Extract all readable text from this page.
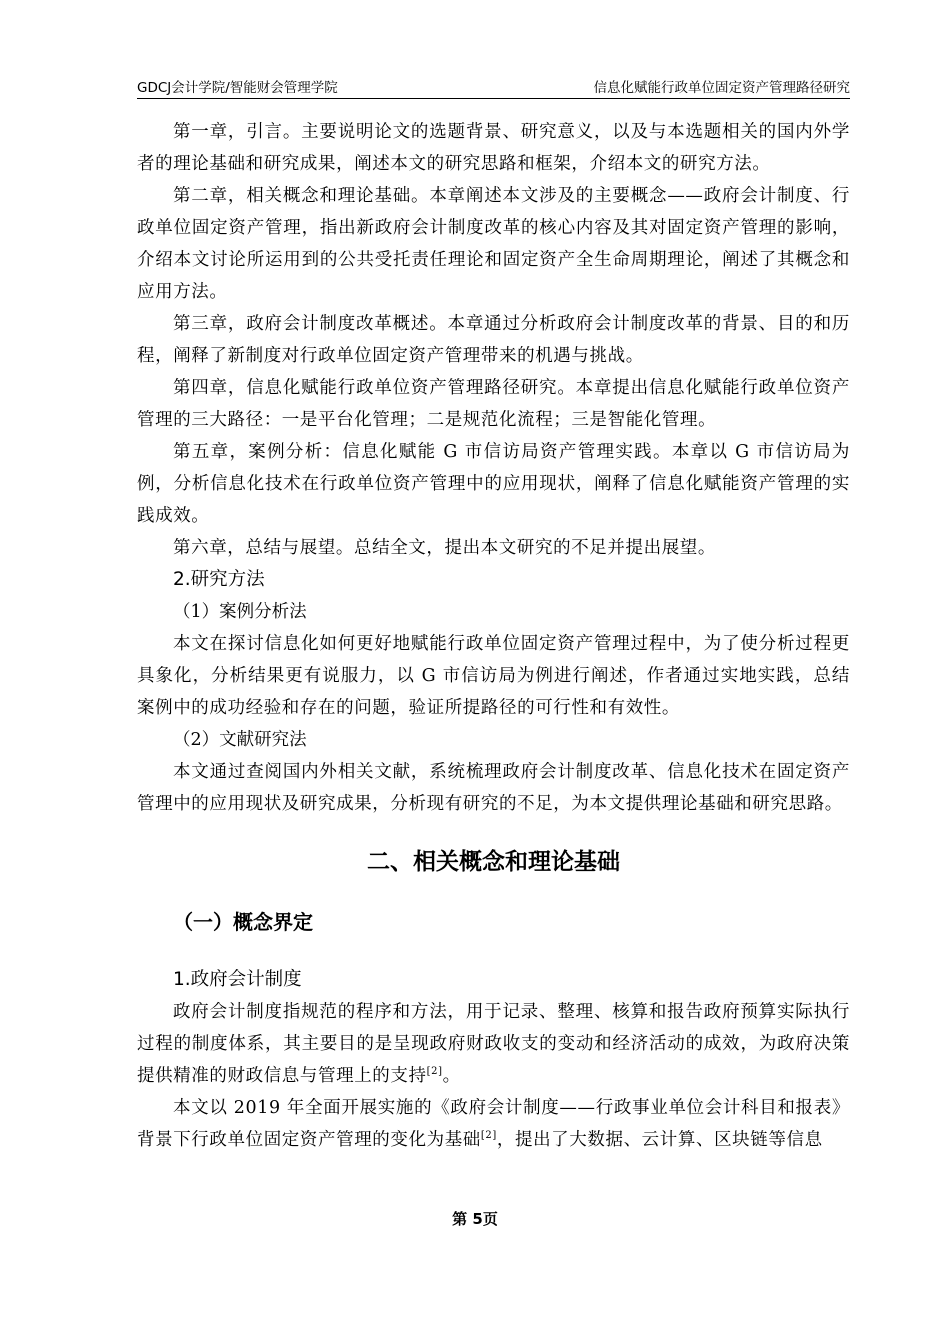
GDCJ会计学院/智能财会管理学院	信息化赋能行政单位固定资产管理路径研究

第一章，引言。主要说明论文的选题背景、研究意义，以及与本选题相关的国内外学者的理论基础和研究成果，阐述本文的研究思路和框架，介绍本文的研究方法。

第二章，相关概念和理论基础。本章阐述本文涉及的主要概念——政府会计制度、行政单位固定资产管理，指出新政府会计制度改革的核心内容及其对固定资产管理的影响，介绍本文讨论所运用到的公共受托责任理论和固定资产全生命周期理论，阐述了其概念和应用方法。

第三章，政府会计制度改革概述。本章通过分析政府会计制度改革的背景、目的和历程，阐释了新制度对行政单位固定资产管理带来的机遇与挑战。

第四章，信息化赋能行政单位资产管理路径研究。本章提出信息化赋能行政单位资产管理的三大路径：一是平台化管理；二是规范化流程；三是智能化管理。

第五章，案例分析：信息化赋能 G 市信访局资产管理实践。本章以 G 市信访局为例，分析信息化技术在行政单位资产管理中的应用现状，阐释了信息化赋能资产管理的实践成效。

第六章，总结与展望。总结全文，提出本文研究的不足并提出展望。

2.研究方法

（1）案例分析法

本文在探讨信息化如何更好地赋能行政单位固定资产管理过程中，为了使分析过程更具象化，分析结果更有说服力，以 G 市信访局为例进行阐述，作者通过实地实践，总结案例中的成功经验和存在的问题，验证所提路径的可行性和有效性。

（2）文献研究法

本文通过查阅国内外相关文献，系统梳理政府会计制度改革、信息化技术在固定资产管理中的应用现状及研究成果，分析现有研究的不足，为本文提供理论基础和研究思路。

二、相关概念和理论基础
（一）概念界定

1.政府会计制度

政府会计制度指规范的程序和方法，用于记录、整理、核算和报告政府预算实际执行过程的制度体系，其主要目的是呈现政府财政收支的变动和经济活动的成效，为政府决策提供精准的财政信息与管理上的支持[2]。

本文以 2019 年全面开展实施的《政府会计制度——行政事业单位会计科目和报表》背景下行政单位固定资产管理的变化为基础[2]，提出了大数据、云计算、区块链等信息

第 5页
